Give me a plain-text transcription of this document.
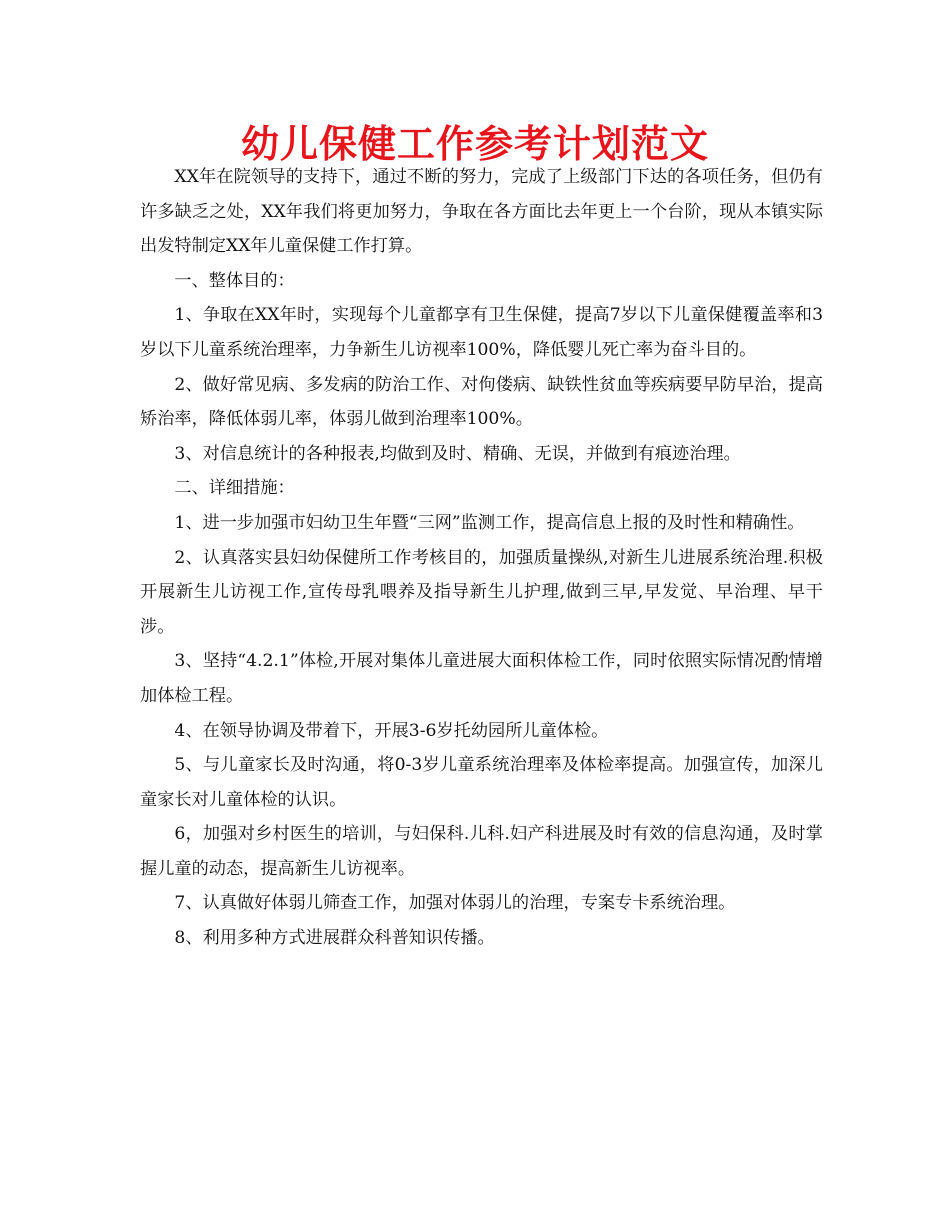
幼儿保健工作参考计划范文

XX年在院领导的支持下，通过不断的努力，完成了上级部门下达的各项任务，但仍有许多缺乏之处，XX年我们将更加努力，争取在各方面比去年更上一个台阶，现从本镇实际出发特制定XX年儿童保健工作打算。

一、整体目的：

1、争取在XX年时，实现每个儿童都享有卫生保健，提高7岁以下儿童保健覆盖率和3岁以下儿童系统治理率，力争新生儿访视率100%，降低婴儿死亡率为奋斗目的。

2、做好常见病、多发病的防治工作、对佝偻病、缺铁性贫血等疾病要早防早治，提高矫治率，降低体弱儿率，体弱儿做到治理率100%。

3、对信息统计的各种报表,均做到及时、精确、无误，并做到有痕迹治理。

二、详细措施：

1、进一步加强市妇幼卫生年暨“三网”监测工作，提高信息上报的及时性和精确性。

2、认真落实县妇幼保健所工作考核目的，加强质量操纵,对新生儿进展系统治理.积极开展新生儿访视工作,宣传母乳喂养及指导新生儿护理,做到三早,早发觉、早治理、早干涉。

3、坚持“4.2.1”体检,开展对集体儿童进展大面积体检工作，同时依照实际情况酌情增加体检工程。

4、在领导协调及带着下，开展3-6岁托幼园所儿童体检。

5、与儿童家长及时沟通，将0-3岁儿童系统治理率及体检率提高。加强宣传，加深儿童家长对儿童体检的认识。

6，加强对乡村医生的培训，与妇保科.儿科.妇产科进展及时有效的信息沟通，及时掌握儿童的动态，提高新生儿访视率。

7、认真做好体弱儿筛查工作，加强对体弱儿的治理，专案专卡系统治理。

8、利用多种方式进展群众科普知识传播。
